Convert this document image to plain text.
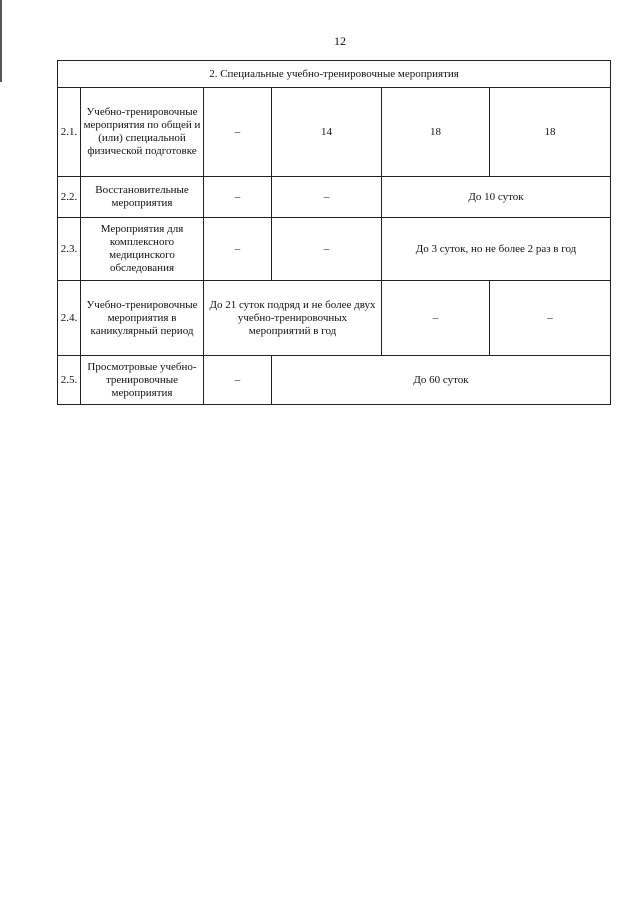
12
2. Специальные учебно-тренировочные мероприятия					
2.1.	Учебно-тренировочные мероприятия по общей и (или) специальной физической подготовке	–	14	18	18
2.2.	Восстановительные мероприятия	–	–	До 10 суток	
2.3.	Мероприятия для комплексного медицинского обследования	–	–	До 3 суток, но не более 2 раз в год	
2.4.	Учебно-тренировочные мероприятия в каникулярный период	До 21 суток подряд и не более двух учебно-тренировочных мероприятий в год		–	–
2.5.	Просмотровые учебно-тренировочные мероприятия	–	До 60 суток		
